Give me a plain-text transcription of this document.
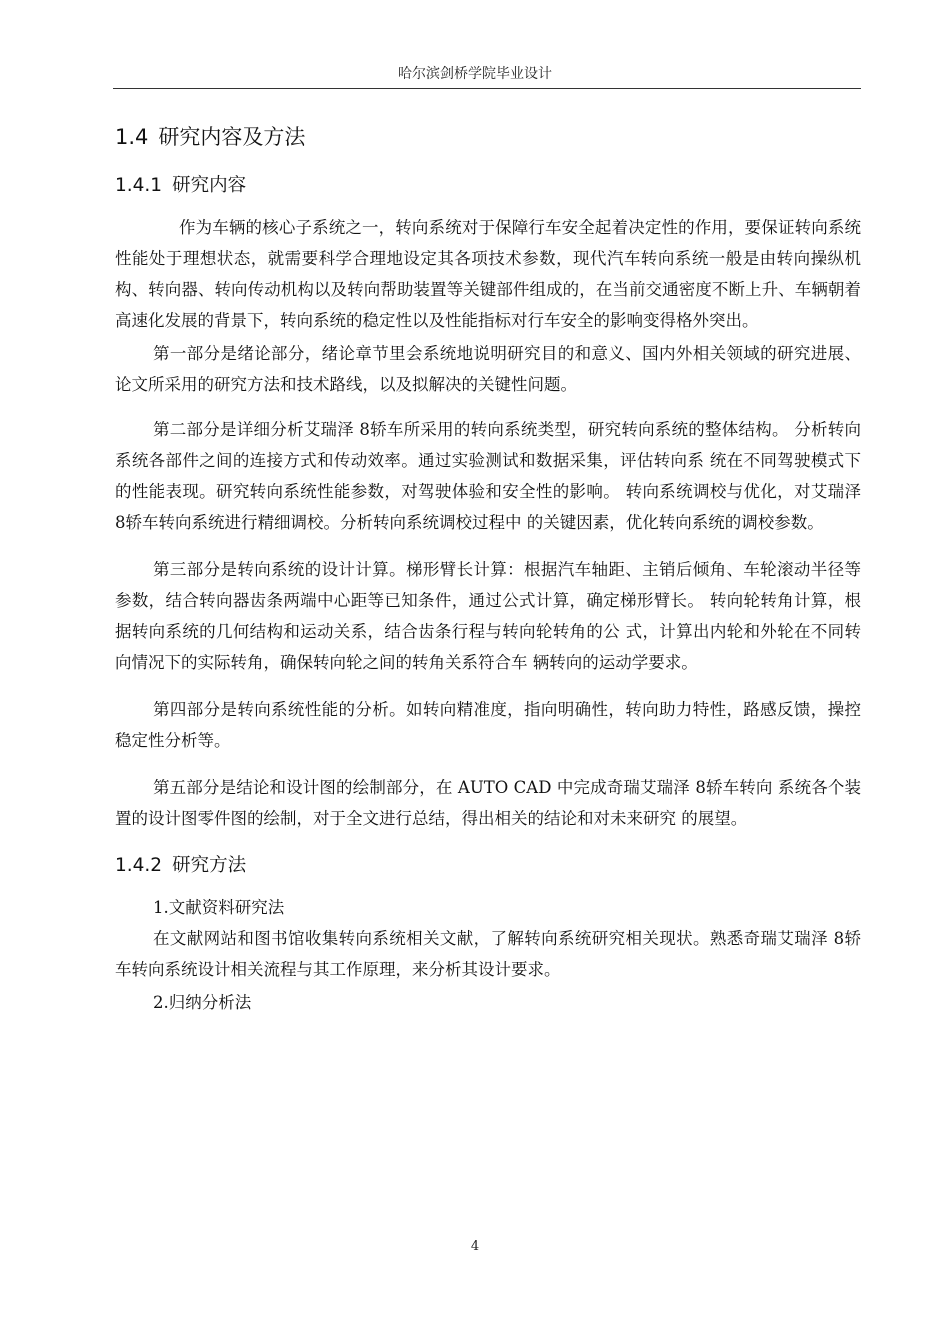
哈尔滨剑桥学院毕业设计
1.4 研究内容及方法
1.4.1 研究内容

作为车辆的核心子系统之一，转向系统对于保障行车安全起着决定性的作用，要保证转向系统性能处于理想状态，就需要科学合理地设定其各项技术参数，现代汽车转向系统一般是由转向操纵机构、转向器、转向传动机构以及转向帮助装置等关键部件组成的，在当前交通密度不断上升、车辆朝着高速化发展的背景下，转向系统的稳定性以及性能指标对行车安全的影响变得格外突出。

第一部分是绪论部分，绪论章节里会系统地说明研究目的和意义、国内外相关领域的研究进展、论文所采用的研究方法和技术路线，以及拟解决的关键性问题。

第二部分是详细分析艾瑞泽 8轿车所采用的转向系统类型，研究转向系统的整体结构。 分析转向系统各部件之间的连接方式和传动效率。通过实验测试和数据采集，评估转向系 统在不同驾驶模式下的性能表现。研究转向系统性能参数，对驾驶体验和安全性的影响。 转向系统调校与优化，对艾瑞泽 8轿车转向系统进行精细调校。分析转向系统调校过程中 的关键因素，优化转向系统的调校参数。

第三部分是转向系统的设计计算。梯形臂长计算：根据汽车轴距、主销后倾角、车轮滚动半径等参数，结合转向器齿条两端中心距等已知条件，通过公式计算，确定梯形臂长。 转向轮转角计算，根据转向系统的几何结构和运动关系，结合齿条行程与转向轮转角的公 式，计算出内轮和外轮在不同转向情况下的实际转角，确保转向轮之间的转角关系符合车 辆转向的运动学要求。

第四部分是转向系统性能的分析。如转向精准度，指向明确性，转向助力特性，路感反馈，操控稳定性分析等。

第五部分是结论和设计图的绘制部分，在 AUTO CAD 中完成奇瑞艾瑞泽 8轿车转向 系统各个装置的设计图零件图的绘制，对于全文进行总结，得出相关的结论和对未来研究 的展望。

1.4.2 研究方法

1.文献资料研究法

在文献网站和图书馆收集转向系统相关文献，了解转向系统研究相关现状。熟悉奇瑞艾瑞泽 8轿车转向系统设计相关流程与其工作原理，来分析其设计要求。

2.归纳分析法

4
